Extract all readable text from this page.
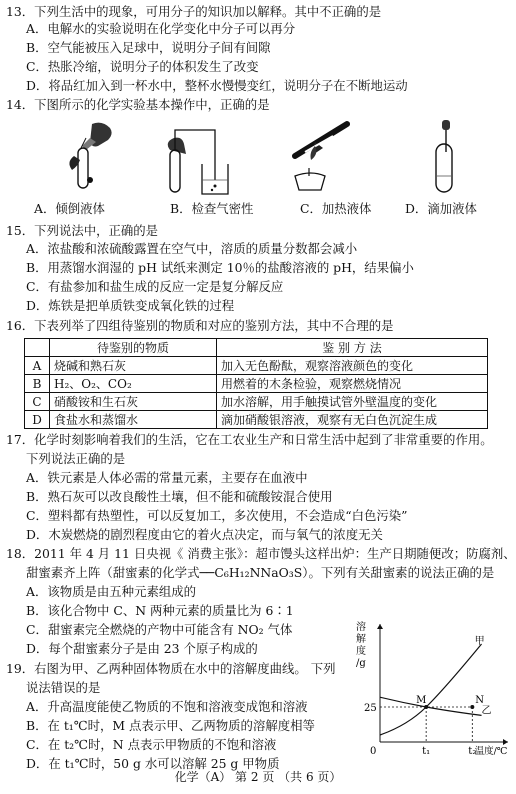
13．下列生活中的现象，可用分子的知识加以解释。其中不正确的是
A．电解水的实验说明在化学变化中分子可以再分
B．空气能被压入足球中，说明分子间有间隙
C．热胀冷缩，说明分子的体积发生了改变
D．将品红加入到一杯水中，整杯水慢慢变红，说明分子在不断地运动
14．下图所示的化学实验基本操作中，正确的是
A．倾倒液体	B．检查气密性	C．加热液体	D．滴加液体
15．下列说法中，正确的是
A．浓盐酸和浓硫酸露置在空气中，溶质的质量分数都会减小
B．用蒸馏水润湿的 pH 试纸来测定 10％的盐酸溶液的 pH，结果偏小
C．有盐参加和盐生成的反应一定是复分解反应
D．炼铁是把单质铁变成氧化铁的过程
16．下表列举了四组待鉴别的物质和对应的鉴别方法，其中不合理的是
	待鉴别的物质	鉴 别 方 法
A	烧碱和熟石灰	加入无色酚酞，观察溶液颜色的变化
B	H₂、O₂、CO₂	用燃着的木条检验，观察燃烧情况
C	硝酸铵和生石灰	加水溶解，用手触摸试管外壁温度的变化
D	食盐水和蒸馏水	滴加硝酸银溶液，观察有无白色沉淀生成
17．化学时刻影响着我们的生活，它在工农业生产和日常生活中起到了非常重要的作用。
下列说法正确的是
A．铁元素是人体必需的常量元素，主要存在血液中
B．熟石灰可以改良酸性土壤，但不能和硫酸铵混合使用
C．塑料都有热塑性，可以反复加工，多次使用，不会造成“白色污染”
D．木炭燃烧的剧烈程度由它的着火点决定，而与氧气的浓度无关
18．2011 年 4 月 11 日央视《 消费主张》：超市馒头这样出炉：生产日期随便改；防腐剂、
甜蜜素齐上阵（甜蜜素的化学式──C₆H₁₂NNaO₃S）。下列有关甜蜜素的说法正确的是
A．该物质是由五种元素组成的
B．该化合物中 C、N 两种元素的质量比为 6∶1
C．甜蜜素完全燃烧的产物中可能含有 NO₂ 气体
D．每个甜蜜素分子是由 23 个原子构成的
19．右图为甲、乙两种固体物质在水中的溶解度曲线。 下列
说法错误的是
A．升高温度能使乙物质的不饱和溶液变成饱和溶液
B．在 t₁℃时，M 点表示甲、乙两物质的溶解度相等
C．在 t₂℃时，N 点表示甲物质的不饱和溶液
D．在 t₁℃时，50 g 水可以溶解 25 g 甲物质
溶
解
度
/g
25
0	t₁	t₂
温度/℃
甲
乙
M	N
化学（A） 第 2 页 （共 6 页）
